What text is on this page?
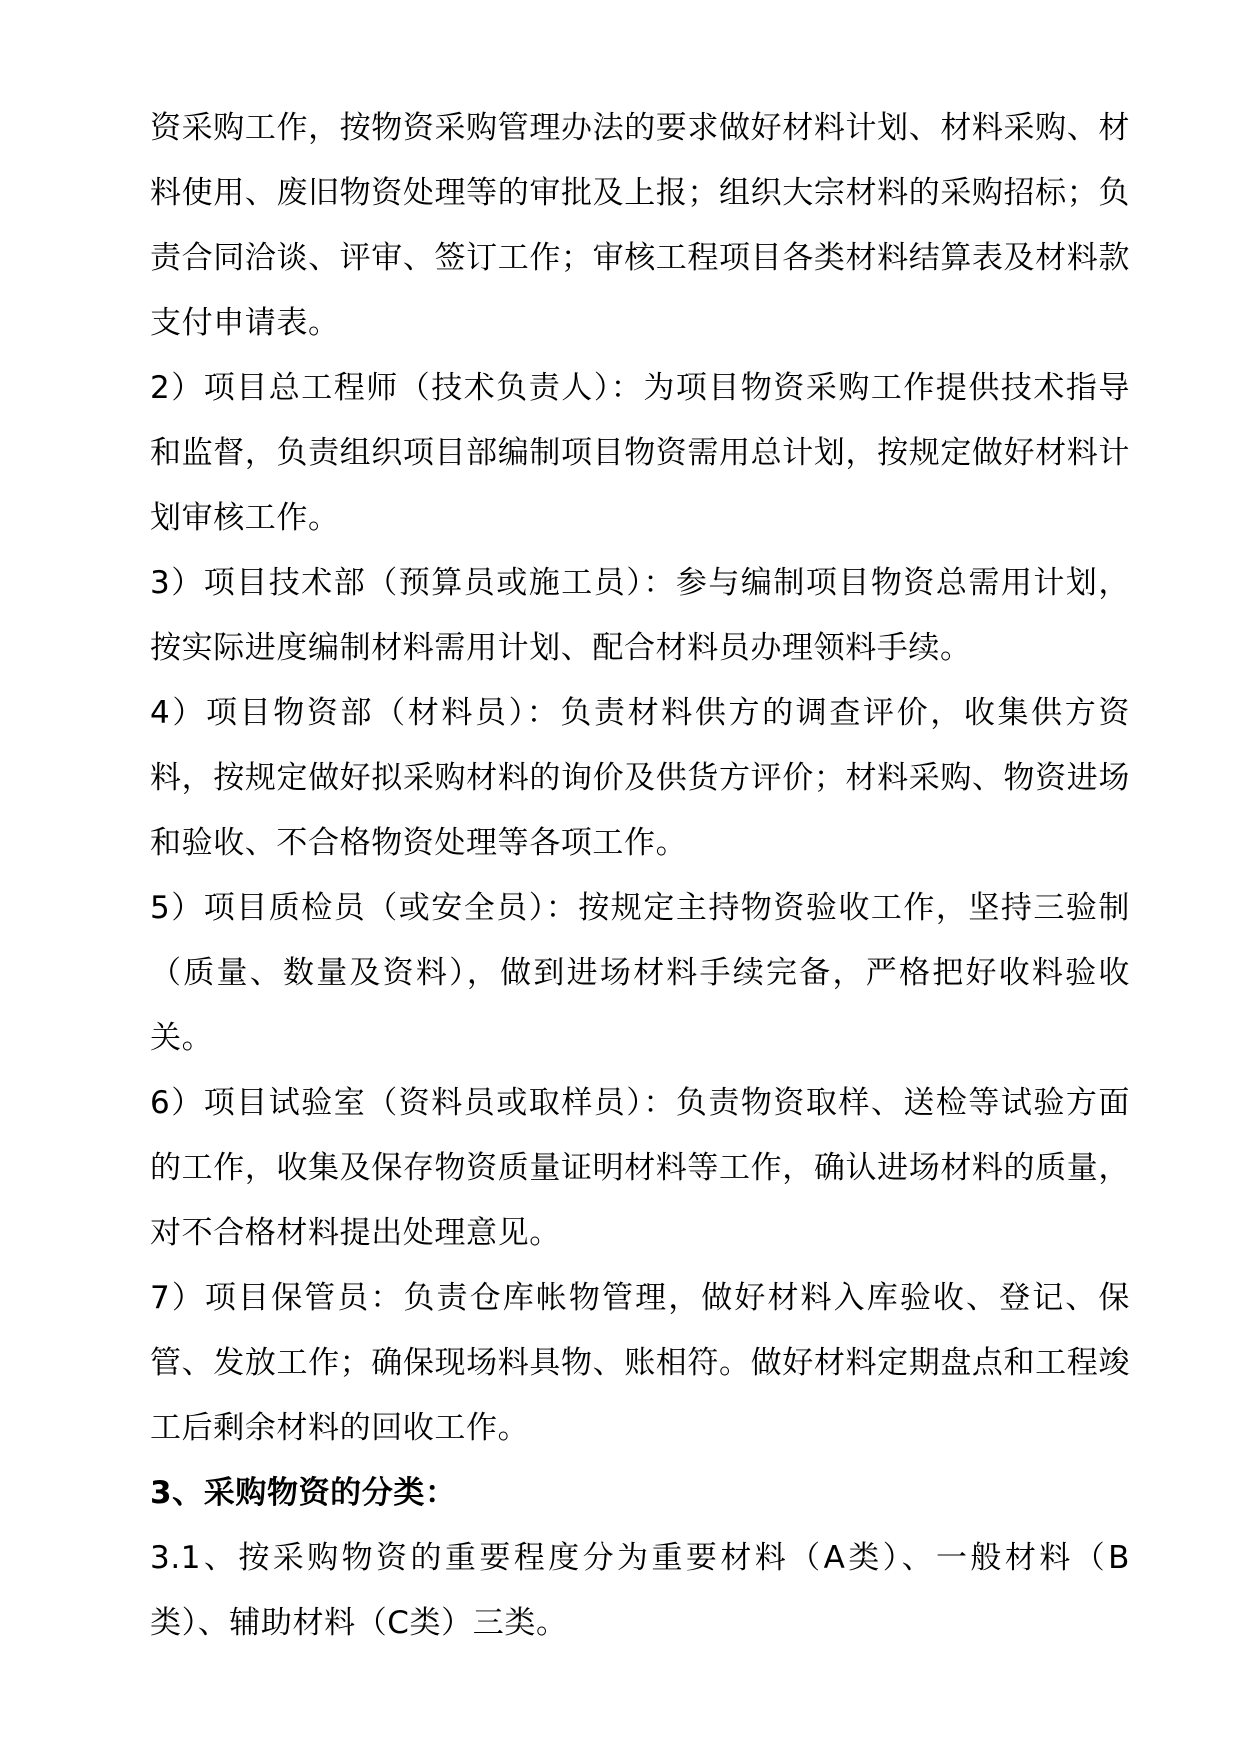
资采购工作，按物资采购管理办法的要求做好材料计划、材料采购、材料使用、废旧物资处理等的审批及上报；组织大宗材料的采购招标；负责合同洽谈、评审、签订工作；审核工程项目各类材料结算表及材料款支付申请表。

2）项目总工程师（技术负责人）：为项目物资采购工作提供技术指导和监督，负责组织项目部编制项目物资需用总计划，按规定做好材料计划审核工作。

3）项目技术部（预算员或施工员）：参与编制项目物资总需用计划，按实际进度编制材料需用计划、配合材料员办理领料手续。

4）项目物资部（材料员）：负责材料供方的调查评价，收集供方资料，按规定做好拟采购材料的询价及供货方评价；材料采购、物资进场和验收、不合格物资处理等各项工作。

5）项目质检员（或安全员）：按规定主持物资验收工作，坚持三验制（质量、数量及资料），做到进场材料手续完备，严格把好收料验收关。

6）项目试验室（资料员或取样员）：负责物资取样、送检等试验方面的工作，收集及保存物资质量证明材料等工作，确认进场材料的质量，对不合格材料提出处理意见。

7）项目保管员：负责仓库帐物管理，做好材料入库验收、登记、保管、发放工作；确保现场料具物、账相符。做好材料定期盘点和工程竣工后剩余材料的回收工作。

3、采购物资的分类：

3.1、按采购物资的重要程度分为重要材料（A类）、一般材料（B类）、辅助材料（C类）三类。
